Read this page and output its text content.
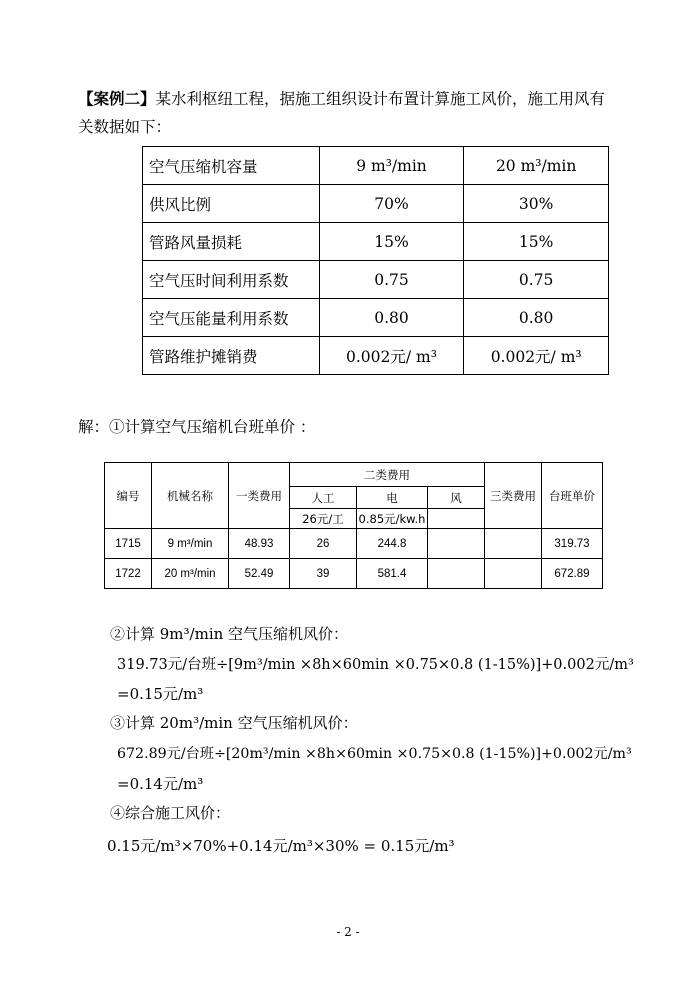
【案例二】某水利枢纽工程，据施工组织设计布置计算施工风价，施工用风有
关数据如下：
空气压缩机容量	9 m³/min	20 m³/min
供风比例	70%	30%
管路风量损耗	15%	15%
空气压时间利用系数	0.75	0.75
空气压能量利用系数	0.80	0.80
管路维护摊销费	0.002元/ m³	0.002元/ m³
解：①计算空气压缩机台班单价 ：
编号	机械名称	一类费用	二类费用			三类费用	台班单价
			人工	电	风		
			26元/工	0.85元/kw.h			
1715	9 m³/min	48.93	26	244.8			319.73
1722	20 m³/min	52.49	39	581.4			672.89
②计算 9m³/min 空气压缩机风价：
319.73元/台班÷[9m³/min ×8h×60min ×0.75×0.8 (1-15%)]+0.002元/m³
=0.15元/m³
③计算 20m³/min 空气压缩机风价：
672.89元/台班÷[20m³/min ×8h×60min ×0.75×0.8 (1-15%)]+0.002元/m³
=0.14元/m³
④综合施工风价：
0.15元/m³×70%+0.14元/m³×30% = 0.15元/m³
- 2 -
